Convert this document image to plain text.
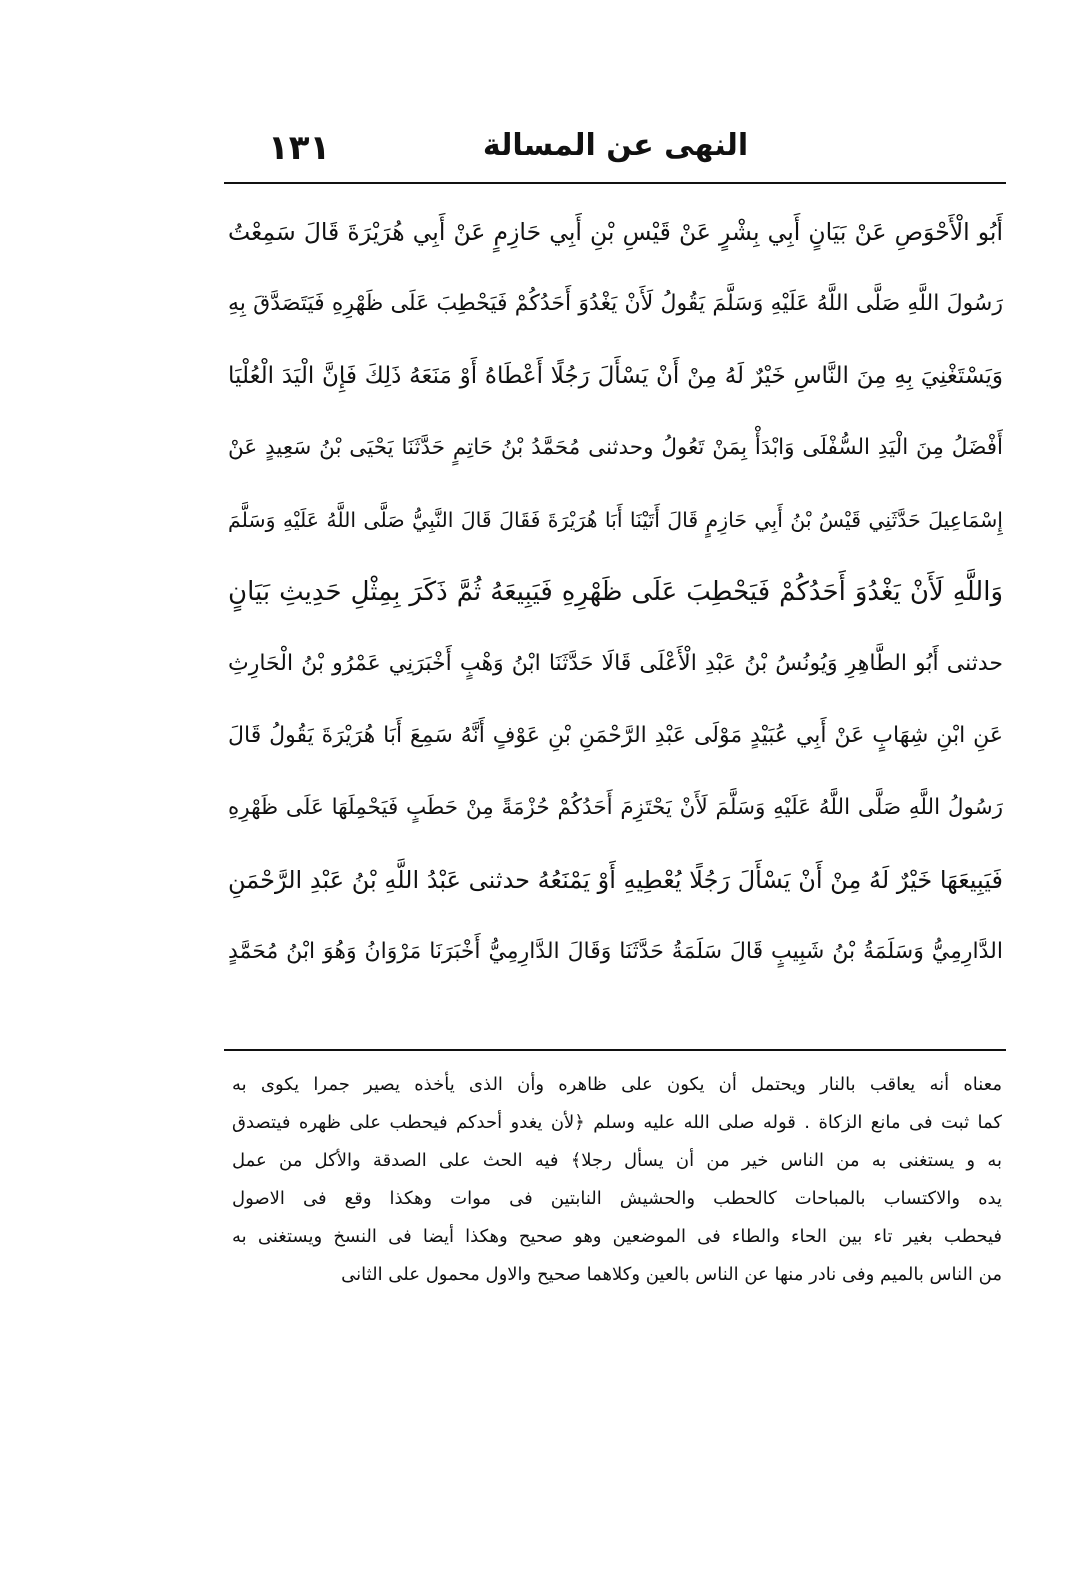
النهى عن المسالة
١٣١
أَبُو الْأَحْوَصِ عَنْ بَيَانٍ أَبِي بِشْرٍ عَنْ قَيْسِ بْنِ أَبِي حَازِمٍ عَنْ أَبِي هُرَيْرَةَ قَالَ سَمِعْتُ
رَسُولَ اللَّهِ صَلَّى اللَّهُ عَلَيْهِ وَسَلَّمَ يَقُولُ لَأَنْ يَغْدُوَ أَحَدُكُمْ فَيَحْطِبَ عَلَى ظَهْرِهِ فَيَتَصَدَّقَ بِهِ
وَيَسْتَغْنِيَ بِهِ مِنَ النَّاسِ خَيْرٌ لَهُ مِنْ أَنْ يَسْأَلَ رَجُلًا أَعْطَاهُ أَوْ مَنَعَهُ ذَلِكَ فَإِنَّ الْيَدَ الْعُلْيَا
أَفْضَلُ مِنَ الْيَدِ السُّفْلَى وَابْدَأْ بِمَنْ تَعُولُ وحدثنى مُحَمَّدُ بْنُ حَاتِمٍ حَدَّثَنَا يَحْيَى بْنُ سَعِيدٍ عَنْ
إِسْمَاعِيلَ حَدَّثَنِي قَيْسُ بْنُ أَبِي حَازِمٍ قَالَ أَتَيْنَا أَبَا هُرَيْرَةَ فَقَالَ قَالَ النَّبِيُّ صَلَّى اللَّهُ عَلَيْهِ وَسَلَّمَ
وَاللَّهِ لَأَنْ يَغْدُوَ أَحَدُكُمْ فَيَحْطِبَ عَلَى ظَهْرِهِ فَيَبِيعَهُ ثُمَّ ذَكَرَ بِمِثْلِ حَدِيثِ بَيَانٍ
حدثنى أَبُو الطَّاهِرِ وَيُونُسُ بْنُ عَبْدِ الْأَعْلَى قَالَا حَدَّثَنَا ابْنُ وَهْبٍ أَخْبَرَنِي عَمْرُو بْنُ الْحَارِثِ
عَنِ ابْنِ شِهَابٍ عَنْ أَبِي عُبَيْدٍ مَوْلَى عَبْدِ الرَّحْمَنِ بْنِ عَوْفٍ أَنَّهُ سَمِعَ أَبَا هُرَيْرَةَ يَقُولُ قَالَ
رَسُولُ اللَّهِ صَلَّى اللَّهُ عَلَيْهِ وَسَلَّمَ لَأَنْ يَحْتَزِمَ أَحَدُكُمْ حُزْمَةً مِنْ حَطَبٍ فَيَحْمِلَهَا عَلَى ظَهْرِهِ
فَيَبِيعَهَا خَيْرٌ لَهُ مِنْ أَنْ يَسْأَلَ رَجُلًا يُعْطِيهِ أَوْ يَمْنَعُهُ حدثنى عَبْدُ اللَّهِ بْنُ عَبْدِ الرَّحْمَنِ
الدَّارِمِيُّ وَسَلَمَةُ بْنُ شَبِيبٍ قَالَ سَلَمَةُ حَدَّثَنَا وَقَالَ الدَّارِمِيُّ أَخْبَرَنَا مَرْوَانُ وَهُوَ ابْنُ مُحَمَّدٍ
معناه أنه يعاقب بالنار ويحتمل أن يكون على ظاهره وأن الذى يأخذه يصير جمرا يكوى به
كما ثبت فى مانع الزكاة . قوله صلى الله عليه وسلم ﴿لأن يغدو أحدكم فيحطب على ظهره فيتصدق
به و يستغنى به من الناس خير من أن يسأل رجلا﴾ فيه الحث على الصدقة والأكل من عمل
يده والاكتساب بالمباحات كالحطب والحشيش النابتين فى موات وهكذا وقع فى الاصول
فيحطب بغير تاء بين الحاء والطاء فى الموضعين وهو صحيح وهكذا أيضا فى النسخ ويستغنى به
من الناس بالميم وفى نادر منها عن الناس بالعين وكلاهما صحيح والاول محمول على الثانى
